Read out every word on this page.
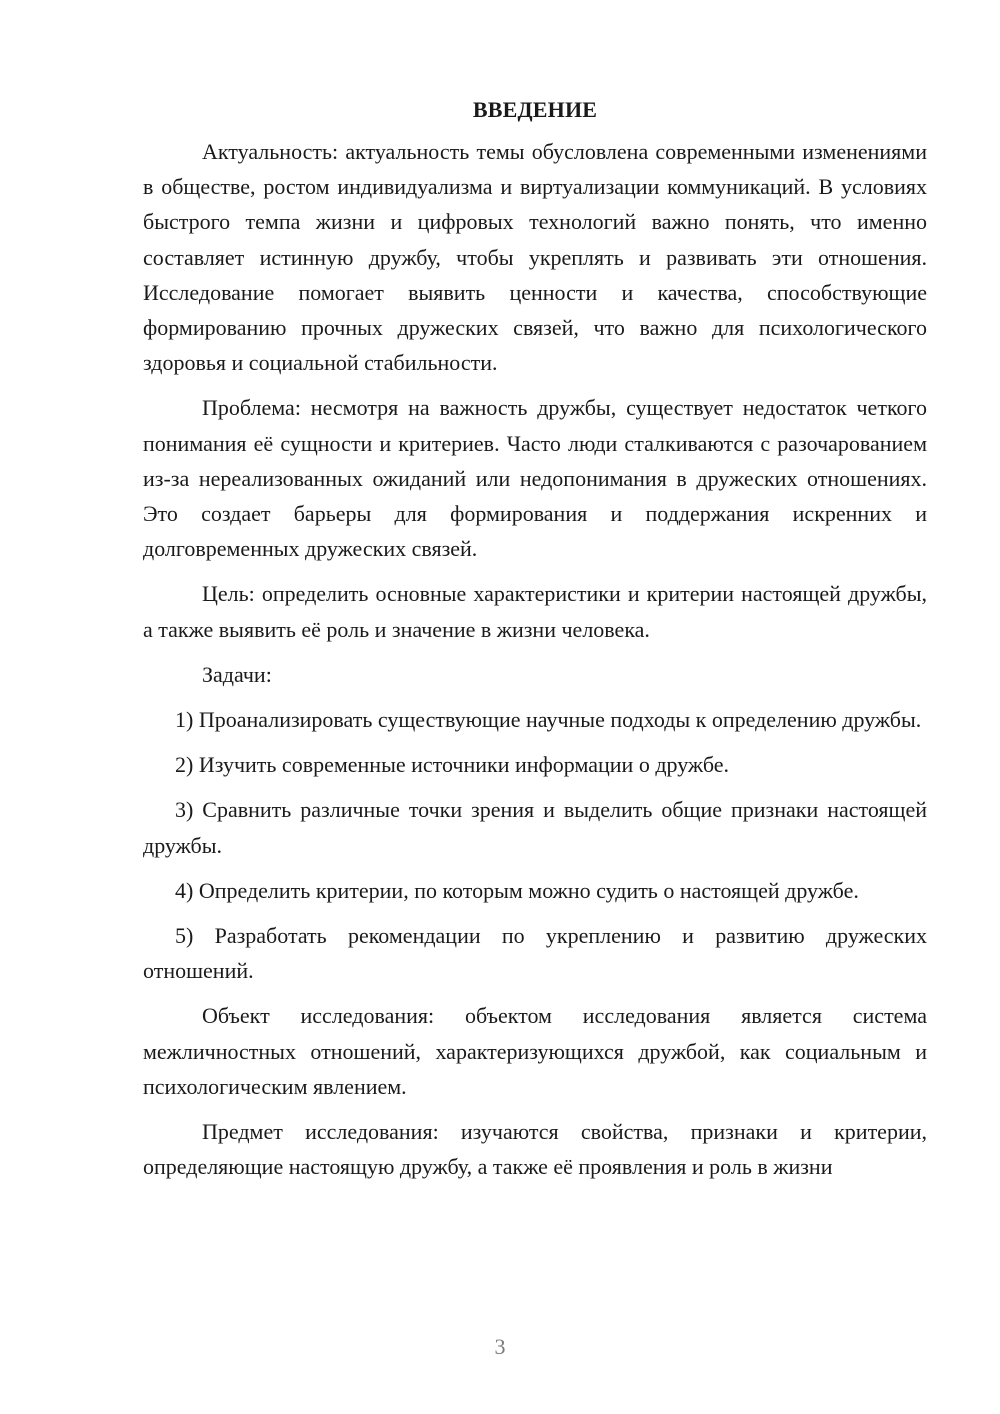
ВВЕДЕНИЕ

Актуальность: актуальность темы обусловлена современными изменениями в обществе, ростом индивидуализма и виртуализации коммуникаций. В условиях быстрого темпа жизни и цифровых технологий важно понять, что именно составляет истинную дружбу, чтобы укреплять и развивать эти отношения. Исследование помогает выявить ценности и качества, способствующие формированию прочных дружеских связей, что важно для психологического здоровья и социальной стабильности.

Проблема: несмотря на важность дружбы, существует недостаток четкого понимания её сущности и критериев. Часто люди сталкиваются с разочарованием из-за нереализованных ожиданий или недопонимания в дружеских отношениях. Это создает барьеры для формирования и поддержания искренних и долговременных дружеских связей.

Цель: определить основные характеристики и критерии настоящей дружбы, а также выявить её роль и значение в жизни человека.

Задачи:

1) Проанализировать существующие научные подходы к определению дружбы.

2) Изучить современные источники информации о дружбе.

3) Сравнить различные точки зрения и выделить общие признаки настоящей дружбы.

4) Определить критерии, по которым можно судить о настоящей дружбе.

5) Разработать рекомендации по укреплению и развитию дружеских отношений.

Объект исследования: объектом исследования является система межличностных отношений, характеризующихся дружбой, как социальным и психологическим явлением.

Предмет исследования: изучаются свойства, признаки и критерии, определяющие настоящую дружбу, а также её проявления и роль в жизни

3
